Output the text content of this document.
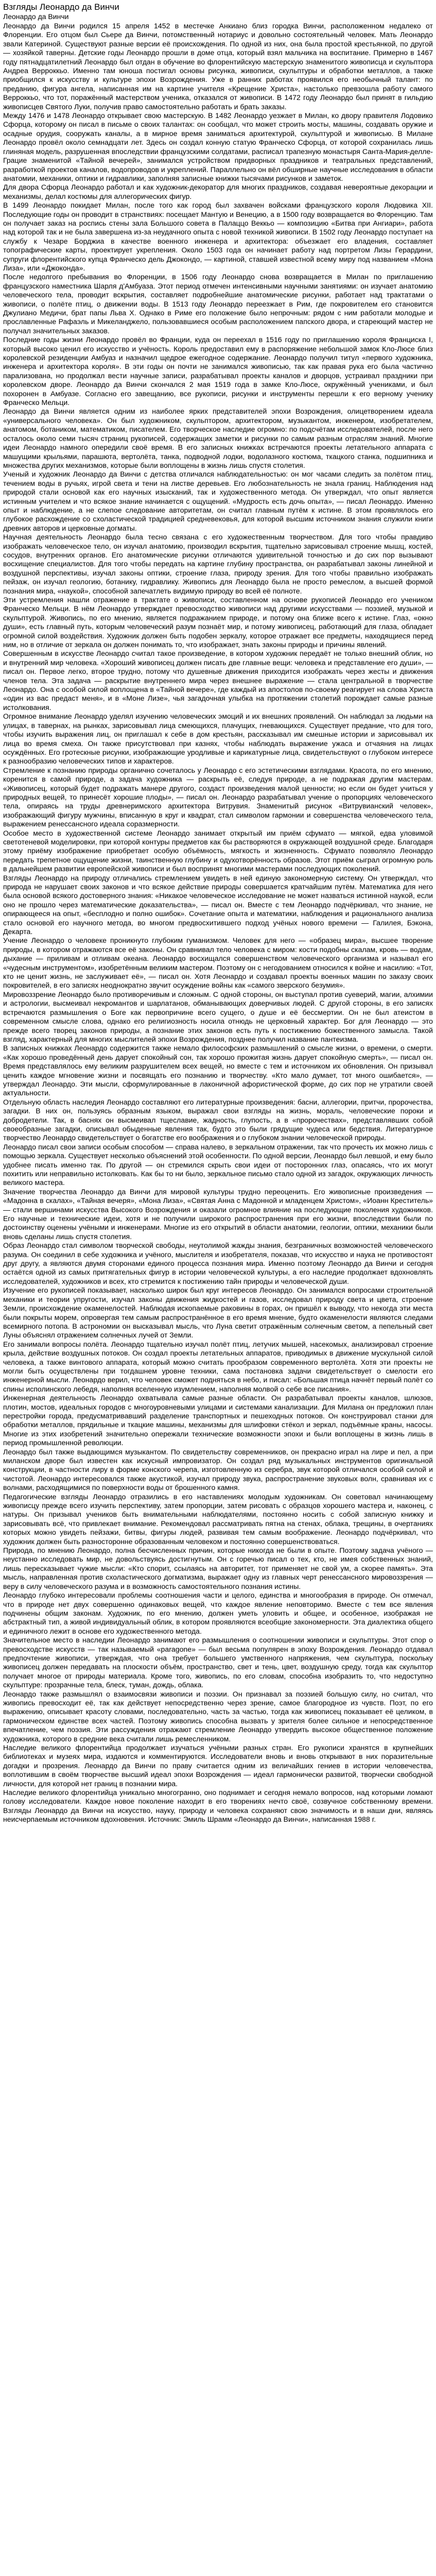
Взгляды Леонардо да Винчи
Леонардо да Винчи

Леонардо да Винчи родился 15 апреля 1452 в местечке Анкиано близ городка Винчи, расположенном недалеко от Флоренции. Его отцом был Сьере да Винчи, потомственный нотариус и довольно состоятельный человек. Мать Леонардо звали Катериной. Существуют разные версии её происхождения. По одной из них, она была простой крестьянкой, по другой — хозяйкой таверны. Детские годы Леонардо прошли в доме отца, который взял мальчика на воспитание. Примерно в 1467 году пятнадцатилетний Леонардо был отдан в обучение во флорентийскую мастерскую знаменитого живописца и скульптора Андреа Верроккьо. Именно там юноша постигал основы рисунка, живописи, скульптуры и обработки металлов, а также приобщился к искусству и культуре эпохи Возрождения. Уже в ранних работах проявился его необычный талант: по преданию, фигура ангела, написанная им на картине учителя «Крещение Христа», настолько превзошла работу самого Верроккьо, что тот, поражённый мастерством ученика, отказался от живописи. В 1472 году Леонардо был принят в гильдию живописцев Святого Луки, получив право самостоятельно работать и брать заказы.

Между 1476 и 1478 Леонардо открывает свою мастерскую. В 1482 Леонардо уезжает в Милан, ко двору правителя Лодовико Сфорца, которому он писал в письме о своих талантах: он сообщал, что может строить мосты, машины, создавать оружие и осадные орудия, сооружать каналы, а в мирное время заниматься архитектурой, скульптурой и живописью. В Милане Леонардо провёл около семнадцати лет. Здесь он создал конную статую Франческо Сфорца, от которой сохранилась лишь глиняная модель, разрушенная впоследствии французскими солдатами, расписал трапезную монастыря Санта-Мария-делле-Грацие знаменитой «Тайной вечерей», занимался устройством придворных праздников и театральных представлений, разработкой проектов каналов, водопроводов и укреплений. Параллельно он вёл обширные научные исследования в области анатомии, механики, оптики и гидравлики, заполняя записные книжки тысячами рисунков и заметок.

Для двора Сфорца Леонардо работал и как художник-декоратор для многих праздников, создавая невероятные декорации и механизмы, делал костюмы для аллегорических фигур.

В 1499 Леонардо покидает Милан, после того как город был захвачен войсками французского короля Людовика XII. Последующие годы он проводит в странствиях: посещает Мантую и Венецию, а в 1500 году возвращается во Флоренцию. Там он получает заказ на роспись стены зала Большого совета в Палаццо Веккьо — композицию «Битва при Ангиари», работа над которой так и не была завершена из-за неудачного опыта с новой техникой живописи. В 1502 году Леонардо поступает на службу к Чезаре Борджиа в качестве военного инженера и архитектора: объезжает его владения, составляет топографические карты, проектирует укрепления. Около 1503 года он начинает работу над портретом Лизы Герардини, супруги флорентийского купца Франческо дель Джокондо, — картиной, ставшей известной всему миру под названием «Мона Лиза», или «Джоконда».

После недолгого пребывания во Флоренции, в 1506 году Леонардо снова возвращается в Милан по приглашению французского наместника Шарля д'Амбуаза. Этот период отмечен интенсивными научными занятиями: он изучает анатомию человеческого тела, проводит вскрытия, составляет подробнейшие анатомические рисунки, работает над трактатами о живописи, о полёте птиц, о движении воды. В 1513 году Леонардо переезжает в Рим, где покровителем его становится Джулиано Медичи, брат папы Льва X. Однако в Риме его положение было непрочным: рядом с ним работали молодые и прославленные Рафаэль и Микеланджело, пользовавшиеся особым расположением папского двора, и стареющий мастер не получал значительных заказов.

Последние годы жизни Леонардо провёл во Франции, куда он переехал в 1516 году по приглашению короля Франциска I, который высоко ценил его искусство и учёность. Король предоставил ему в распоряжение небольшой замок Кло-Люсе близ королевской резиденции Амбуаз и назначил щедрое ежегодное содержание. Леонардо получил титул «первого художника, инженера и архитектора короля». В эти годы он почти не занимался живописью, так как правая рука его была частично парализована, но продолжал вести научные записи, разрабатывал проекты каналов и дворцов, устраивал праздники при королевском дворе. Леонардо да Винчи скончался 2 мая 1519 года в замке Кло-Люсе, окружённый учениками, и был похоронен в Амбуазе. Согласно его завещанию, все рукописи, рисунки и инструменты перешли к его верному ученику Франческо Мельци.

Леонардо да Винчи является одним из наиболее ярких представителей эпохи Возрождения, олицетворением идеала «универсального человека». Он был художником, скульптором, архитектором, музыкантом, инженером, изобретателем, анатомом, ботаником, математиком, писателем. Его творческое наследие огромно: по подсчётам исследователей, после него осталось около семи тысяч страниц рукописей, содержащих заметки и рисунки по самым разным отраслям знаний. Многие идеи Леонардо намного опередили своё время. В его записных книжках встречаются проекты летательного аппарата с машущими крыльями, парашюта, вертолёта, танка, подводной лодки, водолазного костюма, ткацкого станка, подшипника и множества других механизмов, которые были воплощены в жизнь лишь спустя столетия.

Ученый и художник Леонардо да Винчи с детства отличался наблюдательностью: он мог часами следить за полётом птиц, течением воды в ручьях, игрой света и тени на листве деревьев. Его любознательность не знала границ. Наблюдения над природой стали основой как его научных изысканий, так и художественного метода. Он утверждал, что опыт является истинным учителем и что всякое знание начинается с ощущений. «Мудрость есть дочь опыта», — писал Леонардо. Именно опыт и наблюдение, а не слепое следование авторитетам, он считал главным путём к истине. В этом проявлялось его глубокое расхождение со схоластической традицией средневековья, для которой высшим источником знания служили книги древних авторов и церковные догматы.

Научная деятельность Леонардо была тесно связана с его художественным творчеством. Для того чтобы правдиво изображать человеческое тело, он изучал анатомию, производил вскрытия, тщательно зарисовывал строение мышц, костей, сосудов, внутренних органов. Его анатомические рисунки отличаются удивительной точностью и до сих пор вызывают восхищение специалистов. Для того чтобы передать на картине глубину пространства, он разрабатывал законы линейной и воздушной перспективы, изучал законы оптики, строение глаза, природу зрения. Для того чтобы правильно изображать пейзаж, он изучал геологию, ботанику, гидравлику. Живопись для Леонардо была не просто ремеслом, а высшей формой познания мира, «наукой», способной запечатлеть видимую природу во всей её полноте.

Эти устремления нашли отражение в трактате о живописи, составленном на основе рукописей Леонардо его учеником Франческо Мельци. В нём Леонардо утверждает превосходство живописи над другими искусствами — поэзией, музыкой и скульптурой. Живопись, по его мнению, является подражанием природе, и потому она ближе всего к истине. Глаз, «окно души», есть главный путь, которым человеческий разум познаёт мир, и потому живописец, работающий для глаза, обладает огромной силой воздействия. Художник должен быть подобен зеркалу, которое отражает все предметы, находящиеся перед ним, но в отличие от зеркала он должен понимать то, что изображает, знать законы природы и причины явлений.

Совершенным в искусстве Леонардо считал такое произведение, в котором художник передаёт не только внешний облик, но и внутренний мир человека. «Хороший живописец должен писать две главные вещи: человека и представление его души», — писал он. Первое легко, второе трудно, потому что душевные движения приходится изображать через жесты и движения членов тела. Эта задача — раскрытие внутреннего мира через внешнее выражение — стала центральной в творчестве Леонардо. Она с особой силой воплощена в «Тайной вечере», где каждый из апостолов по-своему реагирует на слова Христа «один из вас предаст меня», и в «Моне Лизе», чья загадочная улыбка на протяжении столетий порождает самые разные истолкования.

Огромное внимание Леонардо уделял изучению человеческих эмоций и их внешних проявлений. Он наблюдал за людьми на улицах, в тавернах, на рынках, зарисовывал лица смеющихся, плачущих, гневающихся. Существует предание, что для того, чтобы изучить выражения лиц, он приглашал к себе в дом крестьян, рассказывал им смешные истории и зарисовывал их лица во время смеха. Он также присутствовал при казнях, чтобы наблюдать выражение ужаса и отчаяния на лицах осуждённых. Его гротескные рисунки, изображающие уродливые и карикатурные лица, свидетельствуют о глубоком интересе к разнообразию человеческих типов и характеров.

Стремление к познанию природы органично сочеталось у Леонардо с его эстетическими взглядами. Красота, по его мнению, коренится в самой природе, а задача художника — раскрыть её, следуя природе, а не подражая другим мастерам. «Живописец, который будет подражать манере другого, создаст произведения малой ценности; но если он будет учиться у природных вещей, то принесёт хорошие плоды», — писал он. Леонардо разрабатывал учение о пропорциях человеческого тела, опираясь на труды древнеримского архитектора Витрувия. Знаменитый рисунок «Витрувианский человек», изображающий фигуру мужчины, вписанную в круг и квадрат, стал символом гармонии и совершенства человеческого тела, выражением ренессансного идеала соразмерности.

Особое место в художественной системе Леонардо занимает открытый им приём сфумато — мягкой, едва уловимой светотеневой моделировки, при которой контуры предметов как бы растворяются в окружающей воздушной среде. Благодаря этому приёму изображение приобретает особую объёмность, мягкость и жизненность. Сфумато позволяло Леонардо передать трепетное ощущение жизни, таинственную глубину и одухотворённость образов. Этот приём сыграл огромную роль в дальнейшем развитии европейской живописи и был воспринят многими мастерами последующих поколений.

Взгляды Леонардо на природу отличались стремлением увидеть в ней единую закономерную систему. Он утверждал, что природа не нарушает своих законов и что всякое действие природы совершается кратчайшим путём. Математика для него была основой всякого достоверного знания: «Никакое человеческое исследование не может назваться истинной наукой, если оно не прошло через математические доказательства», — писал он. Вместе с тем Леонардо подчёркивал, что знание, не опирающееся на опыт, «бесплодно и полно ошибок». Сочетание опыта и математики, наблюдения и рационального анализа стало основой его научного метода, во многом предвосхитившего подход учёных нового времени — Галилея, Бэкона, Декарта.

Учение Леонардо о человеке проникнуто глубоким гуманизмом. Человек для него — «образец мира», высшее творение природы, в котором отражаются все её законы. Он сравнивал тело человека с миром: кости подобны скалам, кровь — водам, дыхание — приливам и отливам океана. Леонардо восхищался совершенством человеческого организма и называл его «чудесным инструментом», изобретённым великим мастером. Поэтому он с негодованием относился к войне и насилию: «Тот, кто не ценит жизнь, не заслуживает её», — писал он. Хотя Леонардо и создавал проекты военных машин по заказу своих покровителей, в его записях неоднократно звучит осуждение войны как «самого зверского безумия».

Мировоззрение Леонардо было противоречивым и сложным. С одной стороны, он выступал против суеверий, магии, алхимии и астрологии, высмеивал некромантов и шарлатанов, обманывающих доверчивых людей. С другой стороны, в его записях встречаются размышления о Боге как первопричине всего сущего, о душе и её бессмертии. Он не был атеистом в современном смысле слова, однако его религиозность носила отнюдь не церковный характер. Бог для Леонардо — это прежде всего творец законов природы, а познание этих законов есть путь к постижению божественного замысла. Такой взгляд, характерный для многих мыслителей эпохи Возрождения, позднее получил название пантеизма.

В записных книжках Леонардо содержится также немало философских размышлений о смысле жизни, о времени, о смерти. «Как хорошо проведённый день дарует спокойный сон, так хорошо прожитая жизнь дарует спокойную смерть», — писал он. Время представлялось ему великим разрушителем всех вещей, но вместе с тем и источником их обновления. Он призывал ценить каждое мгновение жизни и посвящать его познанию и творчеству. «Кто мало думает, тот много ошибается», — утверждал Леонардо. Эти мысли, сформулированные в лаконичной афористической форме, до сих пор не утратили своей актуальности.

Отдельную область наследия Леонардо составляют его литературные произведения: басни, аллегории, притчи, пророчества, загадки. В них он, пользуясь образным языком, выражал свои взгляды на жизнь, мораль, человеческие пороки и добродетели. Так, в баснях он высмеивал тщеславие, жадность, глупость, а в «пророчествах», представлявших собой своеобразные загадки, описывал обыденные явления так, будто это были грядущие чудеса или бедствия. Литературное творчество Леонардо свидетельствует о богатстве его воображения и о глубоком знании человеческой природы.

Леонардо писал свои записи особым способом — справа налево, в зеркальном отражении, так что прочесть их можно лишь с помощью зеркала. Существует несколько объяснений этой особенности. По одной версии, Леонардо был левшой, и ему было удобнее писать именно так. По другой — он стремился скрыть свои идеи от посторонних глаз, опасаясь, что их могут похитить или неправильно истолковать. Как бы то ни было, зеркальное письмо стало одной из загадок, окружающих личность великого мастера.

Значение творчества Леонардо да Винчи для мировой культуры трудно переоценить. Его живописные произведения — «Мадонна в скалах», «Тайная вечеря», «Мона Лиза», «Святая Анна с Мадонной и младенцем Христом», «Иоанн Креститель» — стали вершинами искусства Высокого Возрождения и оказали огромное влияние на последующие поколения художников. Его научные и технические идеи, хотя и не получили широкого распространения при его жизни, впоследствии были по достоинству оценены учёными и инженерами. Многие из его открытий в области анатомии, геологии, оптики, механики были вновь сделаны лишь спустя столетия.

Образ Леонардо стал символом творческой свободы, неутолимой жажды знания, безграничных возможностей человеческого разума. Он соединил в себе художника и учёного, мыслителя и изобретателя, показав, что искусство и наука не противостоят друг другу, а являются двумя сторонами единого процесса познания мира. Именно поэтому Леонардо да Винчи и сегодня остаётся одной из самых притягательных фигур в истории человеческой культуры, а его наследие продолжает вдохновлять исследователей, художников и всех, кто стремится к постижению тайн природы и человеческой души.

Изучение его рукописей показывает, насколько широк был круг интересов Леонардо. Он занимался вопросами строительной механики и теории упругости, изучал законы движения жидкостей и газов, исследовал природу света и цвета, строение Земли, происхождение окаменелостей. Наблюдая ископаемые раковины в горах, он пришёл к выводу, что некогда эти места были покрыты морем, опровергая тем самым распространённое в его время мнение, будто окаменелости являются следами всемирного потопа. В астрономии он высказывал мысль, что Луна светит отражённым солнечным светом, а пепельный свет Луны объяснял отражением солнечных лучей от Земли.

Его занимали вопросы полёта. Леонардо тщательно изучал полёт птиц, летучих мышей, насекомых, анализировал строение крыла, действие воздушных потоков. Он создал проекты летательных аппаратов, приводимых в движение мускульной силой человека, а также винтового аппарата, который можно считать прообразом современного вертолёта. Хотя эти проекты не могли быть осуществлены при тогдашнем уровне техники, сама постановка задачи свидетельствует о смелости его инженерной мысли. Леонардо верил, что человек сможет подняться в небо, и писал: «Большая птица начнёт первый полёт со спины исполинского лебедя, наполняя вселенную изумлением, наполняя молвой о себе все писания».

Инженерная деятельность Леонардо охватывала самые разные области. Он разрабатывал проекты каналов, шлюзов, плотин, мостов, идеальных городов с многоуровневыми улицами и системами канализации. Для Милана он предложил план перестройки города, предусматривавший разделение транспортных и пешеходных потоков. Он конструировал станки для обработки металлов, прядильные и ткацкие машины, механизмы для шлифовки стёкол и зеркал, подъёмные краны, насосы. Многие из этих изобретений значительно опережали технические возможности эпохи и были воплощены в жизнь лишь в период промышленной революции.

Леонардо был также выдающимся музыкантом. По свидетельству современников, он прекрасно играл на лире и пел, а при миланском дворе был известен как искусный импровизатор. Он создал ряд музыкальных инструментов оригинальной конструкции, в частности лиру в форме конского черепа, изготовленную из серебра, звук которой отличался особой силой и чистотой. Леонардо интересовался также акустикой, изучал природу звука, распространение звуковых волн, сравнивая их с волнами, расходящимися по поверхности воды от брошенного камня.

Педагогические взгляды Леонардо отразились в его наставлениях молодым художникам. Он советовал начинающему живописцу прежде всего изучить перспективу, затем пропорции, затем рисовать с образцов хорошего мастера и, наконец, с натуры. Он призывал учеников быть внимательными наблюдателями, постоянно носить с собой записную книжку и зарисовывать всё, что привлекает внимание. Рекомендовал рассматривать пятна на стенах, облака, трещины, в очертаниях которых можно увидеть пейзажи, битвы, фигуры людей, развивая тем самым воображение. Леонардо подчёркивал, что художник должен быть разносторонне образованным человеком и постоянно совершенствоваться.

Природа, по мнению Леонардо, полна бесчисленных причин, которые никогда не были в опыте. Поэтому задача учёного — неустанно исследовать мир, не довольствуясь достигнутым. Он с горечью писал о тех, кто, не имея собственных знаний, лишь пересказывает чужие мысли: «Кто спорит, ссылаясь на авторитет, тот применяет не свой ум, а скорее память». Эта мысль, направленная против схоластического догматизма, выражает одну из главных черт ренессансного мировоззрения — веру в силу человеческого разума и в возможность самостоятельного познания истины.

Леонардо глубоко интересовали проблемы соотношения части и целого, единства и многообразия в природе. Он отмечал, что в природе нет двух совершенно одинаковых вещей, что каждое явление неповторимо. Вместе с тем все явления подчинены общим законам. Художник, по его мнению, должен уметь уловить и общее, и особенное, изображая не абстрактный тип, а живой индивидуальный облик, в котором проявляются всеобщие закономерности. Эта диалектика общего и единичного лежит в основе его художественного метода.

Значительное место в наследии Леонардо занимают его размышления о соотношении живописи и скульптуры. Этот спор о превосходстве искусств — так называемый «paragone» — был весьма популярен в эпоху Возрождения. Леонардо отдавал предпочтение живописи, утверждая, что она требует большего умственного напряжения, чем скульптура, поскольку живописец должен передавать на плоскости объём, пространство, свет и тень, цвет, воздушную среду, тогда как скульптор получает многое от природы материала. Кроме того, живопись, по его словам, способна изобразить то, что недоступно скульптуре: прозрачные тела, блеск, туман, дождь, облака.

Леонардо также размышлял о взаимосвязи живописи и поэзии. Он признавал за поэзией большую силу, но считал, что живопись превосходит её, так как действует непосредственно через зрение, самое благородное из чувств. Поэт, по его выражению, описывает красоту словами, последовательно, часть за частью, тогда как живописец показывает её целиком, в гармоническом единстве всех частей. Поэтому живопись способна вызвать у зрителя более сильное и непосредственное впечатление, чем поэзия. Эти рассуждения отражают стремление Леонардо утвердить высокое общественное положение художника, которого в средние века считали лишь ремесленником.

Наследие великого флорентийца продолжает изучаться учёными разных стран. Его рукописи хранятся в крупнейших библиотеках и музеях мира, издаются и комментируются. Исследователи вновь и вновь открывают в них поразительные догадки и прозрения. Леонардо да Винчи по праву считается одним из величайших гениев в истории человечества, воплотившим в своём творчестве высший идеал эпохи Возрождения — идеал гармонически развитой, творчески свободной личности, для которой нет границ в познании мира.

Наследие великого флорентийца уникально многогранно, оно поднимает и сегодня немало вопросов, над которыми ломают голову исследователи. Каждое новое поколение находит в его творениях нечто своё, созвучное собственному времени. Взгляды Леонардо да Винчи на искусство, науку, природу и человека сохраняют свою значимость и в наши дни, являясь неисчерпаемым источником вдохновения. Источник: Эмиль Шрамм «Леонардо да Винчи», написанная 1988 г.
